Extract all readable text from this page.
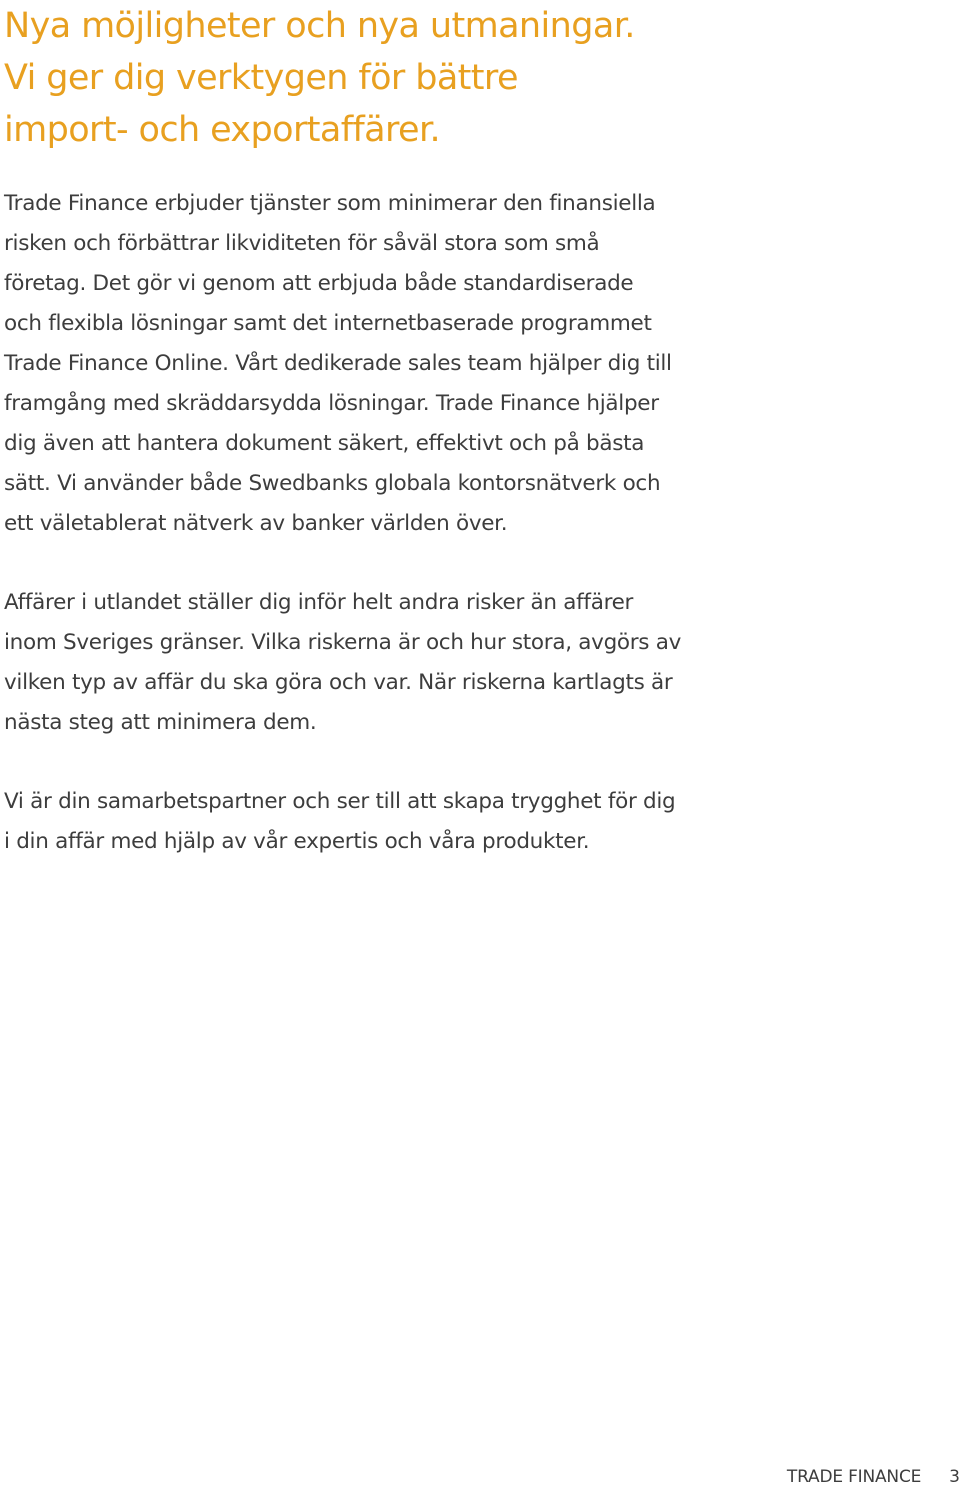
Nya möjligheter och nya utmaningar.
Vi ger dig verktygen för bättre
import- och exportaffärer.

Trade Finance erbjuder tjänster som minimerar den finansiella
risken och förbättrar likviditeten för såväl stora som små
företag. Det gör vi genom att erbjuda både standardiserade
och flexibla lösningar samt det internetbaserade programmet
Trade Finance Online. Vårt dedikerade sales team hjälper dig till
framgång med skräddarsydda lösningar. Trade Finance hjälper
dig även att hantera dokument säkert, effektivt och på bästa
sätt. Vi använder både Swedbanks globala kontorsnätverk och
ett väletablerat nätverk av banker världen över.

Affärer i utlandet ställer dig inför helt andra risker än affärer
inom Sveriges gränser. Vilka riskerna är och hur stora, avgörs av
vilken typ av affär du ska göra och var. När riskerna kartlagts är
nästa steg att minimera dem.

Vi är din samarbetspartner och ser till att skapa trygghet för dig
i din affär med hjälp av vår expertis och våra produkter.

TRADE FINANCE 3
